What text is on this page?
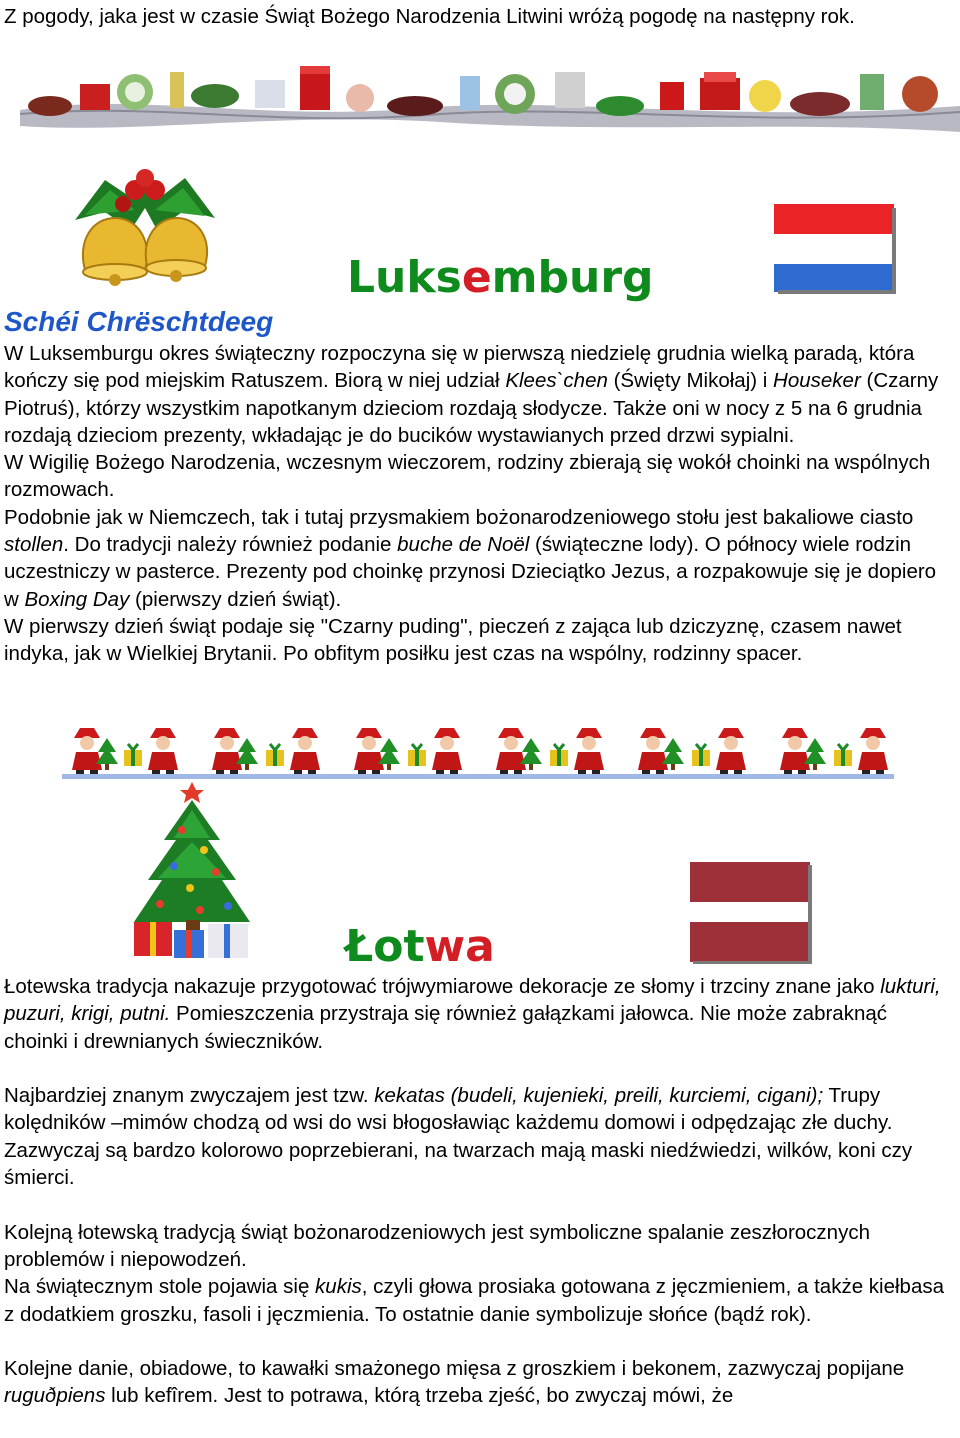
Z pogody, jaka jest w czasie Świąt Bożego Narodzenia Litwini wróżą pogodę na następny rok.

Luksemburg
Schéi Chrëschtdeeg

W Luksemburgu okres świąteczny rozpoczyna się w pierwszą niedzielę grudnia wielką paradą, która kończy się pod miejskim Ratuszem. Biorą w niej udział Klees`chen (Święty Mikołaj) i Houseker (Czarny Piotruś), którzy wszystkim napotkanym dzieciom rozdają słodycze. Także oni w nocy z 5 na 6 grudnia rozdają dzieciom prezenty, wkładając je do bucików wystawianych przed drzwi sypialni.

W Wigilię Bożego Narodzenia, wczesnym wieczorem, rodziny zbierają się wokół choinki na wspólnych rozmowach.

Podobnie jak w Niemczech, tak i tutaj przysmakiem bożonarodzeniowego stołu jest bakaliowe ciasto stollen. Do tradycji należy również podanie buche de Noël (świąteczne lody). O północy wiele rodzin uczestniczy w pasterce. Prezenty pod choinkę przynosi Dzieciątko Jezus, a rozpakowuje się je dopiero w Boxing Day (pierwszy dzień świąt).

W pierwszy dzień świąt podaje się "Czarny puding", pieczeń z zająca lub dziczyznę, czasem nawet indyka, jak w Wielkiej Brytanii. Po obfitym posiłku jest czas na wspólny, rodzinny spacer.

Łotwa

Łotewska tradycja nakazuje przygotować trójwymiarowe dekoracje ze słomy i trzciny znane jako lukturi, puzuri, krigi, putni. Pomieszczenia przystraja się również gałązkami jałowca. Nie może zabraknąć choinki i drewnianych świeczników.

Najbardziej znanym zwyczajem jest tzw. kekatas (budeli, kujenieki, preili, kurciemi, cigani); Trupy kolędników –mimów chodzą od wsi do wsi błogosławiąc każdemu domowi i odpędzając złe duchy. Zazwyczaj są bardzo kolorowo poprzebierani, na twarzach mają maski niedźwiedzi, wilków, koni czy śmierci.

Kolejną łotewską tradycją świąt bożonarodzeniowych jest symboliczne spalanie zeszłorocznych problemów i niepowodzeń.

Na świątecznym stole pojawia się kukis, czyli głowa prosiaka gotowana z jęczmieniem, a także kiełbasa z dodatkiem groszku, fasoli i jęczmienia. To ostatnie danie symbolizuje słońce (bądź rok).

Kolejne danie, obiadowe, to kawałki smażonego mięsa z groszkiem i bekonem, zazwyczaj popijane ruguðpiens lub kefîrem. Jest to potrawa, którą trzeba zjeść, bo zwyczaj mówi, że
